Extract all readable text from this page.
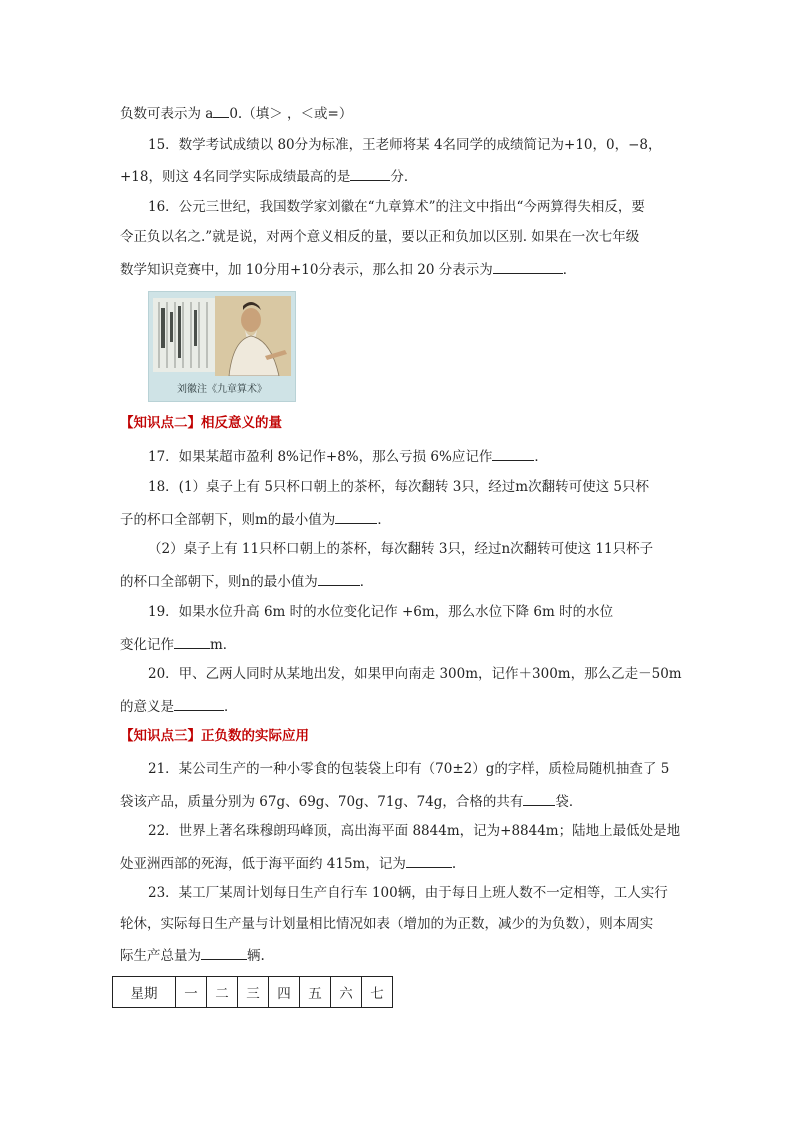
负数可表示为 a 0.（填＞ ，＜或=）
15．数学考试成绩以 80分为标准，王老师将某 4名同学的成绩简记为+10，0，−8，
+18，则这 4名同学实际成绩最高的是	分．
16．公元三世纪，我国数学家刘徽在“九章算术”的注文中指出“今两算得失相反，要
令正负以名之.”就是说，对两个意义相反的量，要以正和负加以区别. 如果在一次七年级
数学知识竞赛中，加 10分用+10分表示，那么扣 20 分表示为	．
刘徽注《九章算术》
【知识点二】相反意义的量
17．如果某超市盈利 8%记作+8%，那么亏损 6%应记作	．
18．(1）桌子上有 5只杯口朝上的茶杯，每次翻转 3只，经过m次翻转可使这 5只杯
子的杯口全部朝下，则m的最小值为	．
（2）桌子上有 11只杯口朝上的茶杯，每次翻转 3只，经过n次翻转可使这 11只杯子
的杯口全部朝下，则n的最小值为	．
19．如果水位升高 6m 时的水位变化记作 +6m，那么水位下降 6m 时的水位
变化记作	m．
20．甲、乙两人同时从某地出发，如果甲向南走 300m，记作＋300m，那么乙走－50m
的意义是	．
【知识点三】正负数的实际应用
21．某公司生产的一种小零食的包装袋上印有（70±2）g的字样，质检局随机抽查了 5
袋该产品，质量分别为 67g、69g、70g、71g、74g，合格的共有 袋．
22．世界上著名珠穆朗玛峰顶，高出海平面 8844m，记为+8844m；陆地上最低处是地
处亚洲西部的死海，低于海平面约 415m，记为	.
23．某工厂某周计划每日生产自行车 100辆，由于每日上班人数不一定相等，工人实行
轮休，实际每日生产量与计划量相比情况如表（增加的为正数，减少的为负数），则本周实
际生产总量为	辆.
星期	一	二	三	四	五	六	七
